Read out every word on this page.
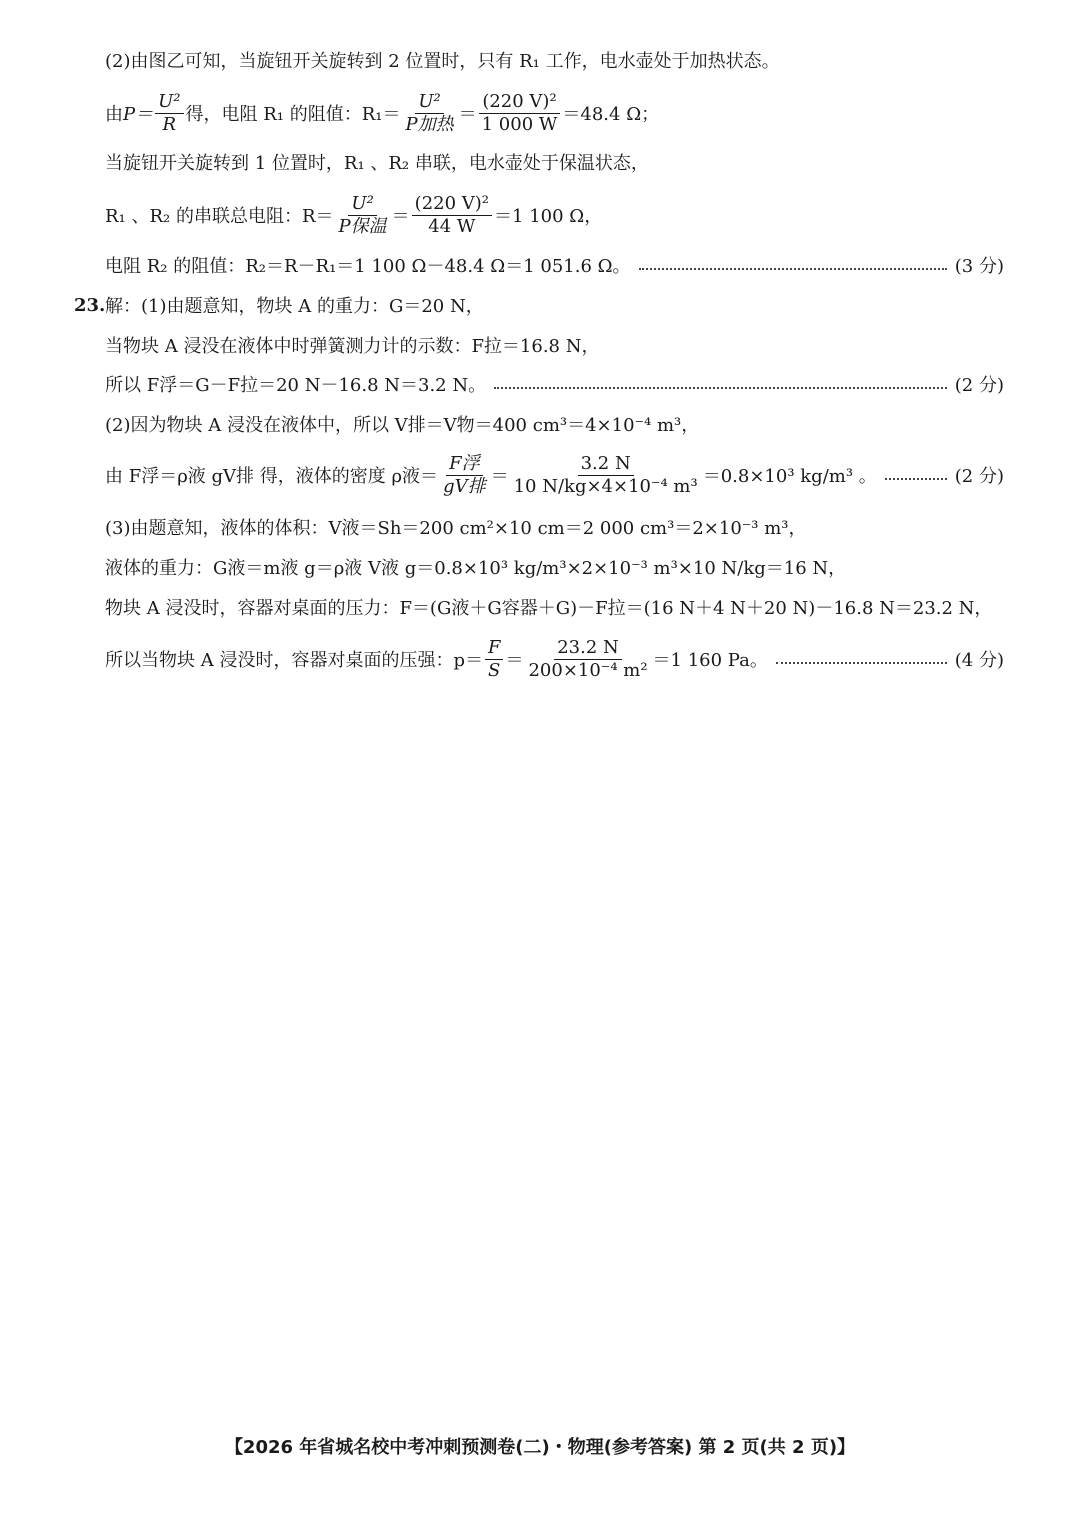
(2)由图乙可知，当旋钮开关旋转到 2 位置时，只有 R₁ 工作，电水壶处于加热状态。
由 $P= \frac{\text{U²}}{R}$ 得，电阻 R₁ 的阻值：$R_1= \frac{\text{U²}}{\text{P加热}} = \frac{\text{(220 V)²}}{1 000 W} =48.4$ Ω；
当旋钮开关旋转到 1 位置时，R₁ 、R₂ 串联，电水壶处于保温状态，
R₁ 、R₂ 的串联总电阻：$R= \frac{\text{U²}}{\text{P保温}} = \frac{\text{(220 V)²}}{44 W} =1$ 100 Ω，
电阻 R₂ 的阻值：R₂＝R－R₁＝1 100 Ω－48.4 Ω＝1 051.6 Ω。	(3 分)
23. 解：(1)由题意知，物块 A 的重力：G＝20 N，
当物块 A 浸没在液体中时弹簧测力计的示数：F拉＝16.8 N，
所以 F浮＝G－F拉＝20 N－16.8 N＝3.2 N。	(2 分)
(2)因为物块 A 浸没在液体中，所以 V排＝V物＝400 cm³＝4×10⁻⁴ m³，
由 F浮＝ρ液 gV排 得，液体的密度 ρ液＝ $\frac{\text{F浮}}{\text{gV排}} = \frac{3.2 N}{\text{10 N/kg×4×10⁻⁴ m³}} =0.8\times 10^3$ kg/m³ 。	(2 分)
(3)由题意知，液体的体积：V液＝Sh＝200 cm²×10 cm＝2 000 cm³＝2×10⁻³ m³，
液体的重力：G液＝m液 g＝ρ液 V液 g＝0.8×10³ kg/m³×2×10⁻³ m³×10 N/kg＝16 N，
物块 A 浸没时，容器对桌面的压力：F＝(G液＋G容器＋G)－F拉＝(16 N＋4 N＋20 N)－16.8 N＝23.2 N，
所以当物块 A 浸没时，容器对桌面的压强：$p= \frac{F}{S} = \frac{23.2 N}{\text{200×10⁻⁴ m²}} =1$ 160 Pa。	(4 分)
【2026 年省城名校中考冲刺预测卷(二)・物理(参考答案) 第 2 页(共 2 页)】
